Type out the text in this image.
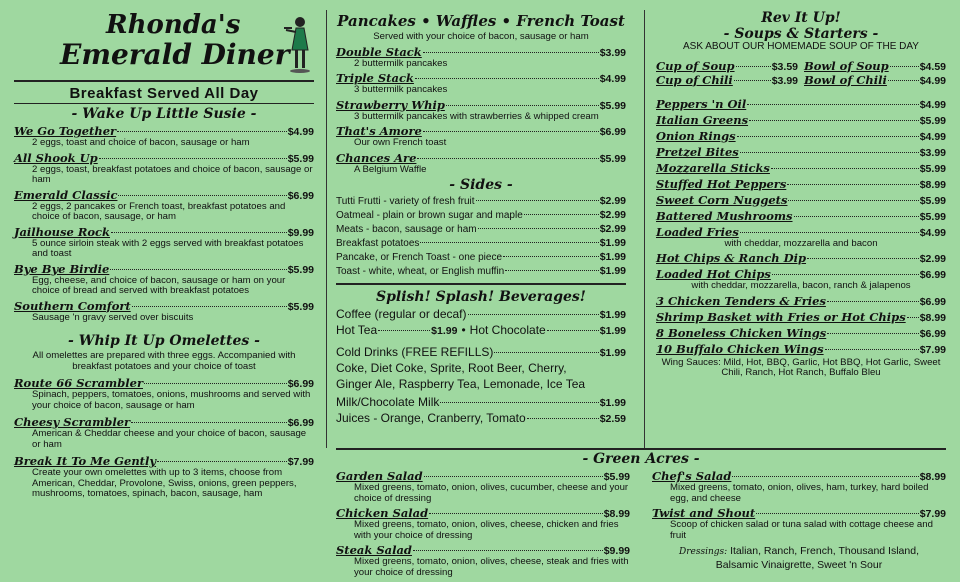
Rhonda's
Emerald Diner
Breakfast Served All Day
- Wake Up Little Susie -
We Go Together	$4.99
2 eggs, toast and choice of bacon, sausage or ham
All Shook Up	$5.99
2 eggs, toast, breakfast potatoes and choice of bacon, sausage or ham
Emerald Classic	$6.99
2 eggs, 2 pancakes or French toast, breakfast potatoes and choice of bacon, sausage, or ham
Jailhouse Rock	$9.99
5 ounce sirloin steak with 2 eggs served with breakfast potatoes and toast
Bye Bye Birdie	$5.99
Egg, cheese, and choice of bacon, sausage or ham on your choice of bread and served with breakfast potatoes
Southern Comfort	$5.99
Sausage 'n gravy served over biscuits
- Whip It Up Omelettes -
All omelettes are prepared with three eggs. Accompanied with breakfast potatoes and your choice of toast
Route 66 Scrambler	$6.99
Spinach, peppers, tomatoes, onions, mushrooms and served with your choice of bacon, sausage or ham
Cheesy Scrambler	$6.99
American & Cheddar cheese and your choice of bacon, sausage or ham
Break It To Me Gently	$7.99
Create your own omelettes with up to 3 items, choose from American, Cheddar, Provolone, Swiss, onions, green peppers, mushrooms, tomatoes, spinach, bacon, sausage, ham
Pancakes • Waffles • French Toast
Served with your choice of bacon, sausage or ham
Double Stack	$3.99
2 buttermilk pancakes
Triple Stack	$4.99
3 buttermilk pancakes
Strawberry Whip	$5.99
3 buttermilk pancakes with strawberries & whipped cream
That's Amore	$6.99
Our own French toast
Chances Are	$5.99
A Belgium Waffle
- Sides -
Tutti Frutti - variety of fresh fruit	$2.99
Oatmeal - plain or brown sugar and maple	$2.99
Meats - bacon, sausage or ham	$2.99
Breakfast potatoes	$1.99
Pancake, or French Toast - one piece	$1.99
Toast - white, wheat, or English muffin	$1.99
Splish! Splash! Beverages!
Coffee (regular or decaf)	$1.99
Hot Tea	$1.99 • Hot Chocolate	$1.99
Cold Drinks (FREE REFILLS)	$1.99
Coke, Diet Coke, Sprite, Root Beer, Cherry,
Ginger Ale, Raspberry Tea, Lemonade, Ice Tea
Milk/Chocolate Milk	$1.99
Juices - Orange, Cranberry, Tomato	$2.59
Rev It Up!
- Soups & Starters -
ASK ABOUT OUR HOMEMADE SOUP OF THE DAY
Cup of Soup	$3.59 Bowl of Soup	$4.59
Cup of Chili	$3.99 Bowl of Chili	$4.99
Peppers 'n Oil	$4.99
Italian Greens	$5.99
Onion Rings	$4.99
Pretzel Bites	$3.99
Mozzarella Sticks	$5.99
Stuffed Hot Peppers	$8.99
Sweet Corn Nuggets	$5.99
Battered Mushrooms	$5.99
Loaded Fries	$4.99
with cheddar, mozzarella and bacon
Hot Chips & Ranch Dip	$2.99
Loaded Hot Chips	$6.99
with cheddar, mozzarella, bacon, ranch & jalapenos
3 Chicken Tenders & Fries	$6.99
Shrimp Basket with Fries or Hot Chips $8.99
8 Boneless Chicken Wings	$6.99
10 Buffalo Chicken Wings	$7.99
Wing Sauces: Mild, Hot, BBQ, Garlic, Hot BBQ, Hot Garlic, Sweet Chili, Ranch, Hot Ranch, Buffalo Bleu
- Green Acres -
Garden Salad	$5.99
Mixed greens, tomato, onion, olives, cucumber, cheese and your choice of dressing
Chicken Salad	$8.99
Mixed greens, tomato, onion, olives, cheese, chicken and fries with your choice of dressing
Steak Salad	$9.99
Mixed greens, tomato, onion, olives, cheese, steak and fries with your choice of dressing
Chef's Salad	$8.99
Mixed greens, tomato, onion, olives, ham, turkey, hard boiled egg, and cheese
Twist and Shout	$7.99
Scoop of chicken salad or tuna salad with cottage cheese and fruit
Dressings: Italian, Ranch, French, Thousand Island,
Balsamic Vinaigrette, Sweet 'n Sour
